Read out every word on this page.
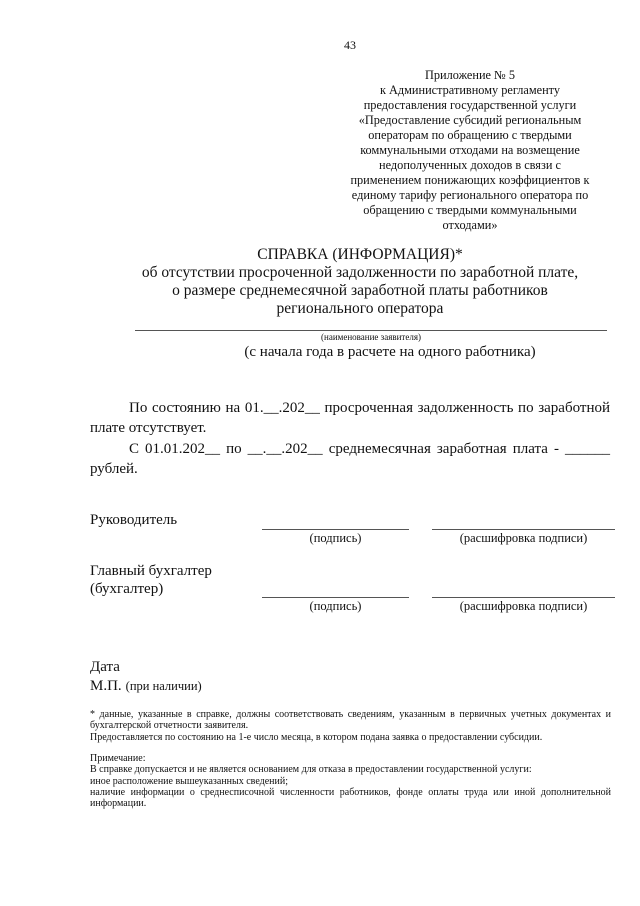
43
Приложение № 5
к Административному регламенту
предоставления государственной услуги
«Предоставление субсидий региональным
операторам по обращению с твердыми
коммунальными отходами на возмещение
недополученных доходов в связи с
применением понижающих коэффициентов к
единому тарифу регионального оператора по
обращению с твердыми коммунальными
отходами»
СПРАВКА (ИНФОРМАЦИЯ)*
об отсутствии просроченной задолженности по заработной плате,
о размере среднемесячной заработной платы работников
регионального оператора
(наименование заявителя)
(с начала года в расчете на одного работника)
По состоянию на 01.__.202__ просроченная задолженность по заработной плате отсутствует.
С 01.01.202__ по __.__.202__ среднемесячная заработная плата - ______ рублей.
Руководитель
(подпись)	(расшифровка подписи)
Главный бухгалтер
(бухгалтер)
(подпись)	(расшифровка подписи)
Дата
М.П. (при наличии)
* данные, указанные в справке, должны соответствовать сведениям, указанным в первичных учетных документах и бухгалтерской отчетности заявителя.
Предоставляется по состоянию на 1-е число месяца, в котором подана заявка о предоставлении субсидии.
Примечание:
В справке допускается и не является основанием для отказа в предоставлении государственной услуги:
иное расположение вышеуказанных сведений;
наличие информации о среднесписочной численности работников, фонде оплаты труда или иной дополнительной информации.
